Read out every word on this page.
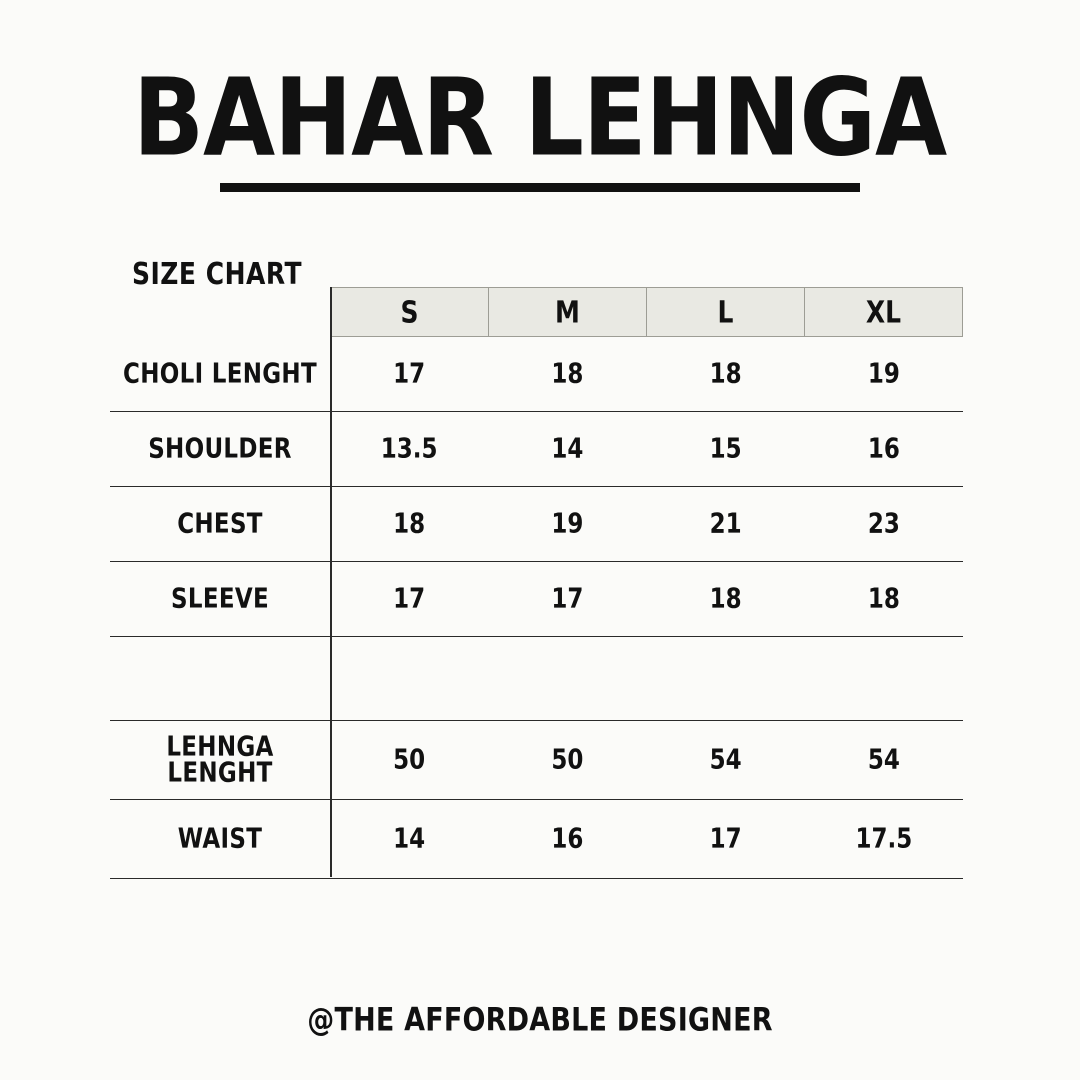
BAHAR LEHNGA
SIZE CHART
S	M	L	XL
CHOLI LENGHT	17	18	18	19
SHOULDER	13.5	14	15	16
CHEST	18	19	21	23
SLEEVE	17	17	18	18
LEHNGA
LENGHT	50	50	54	54
WAIST	14	16	17	17.5
@THE AFFORDABLE DESIGNER
